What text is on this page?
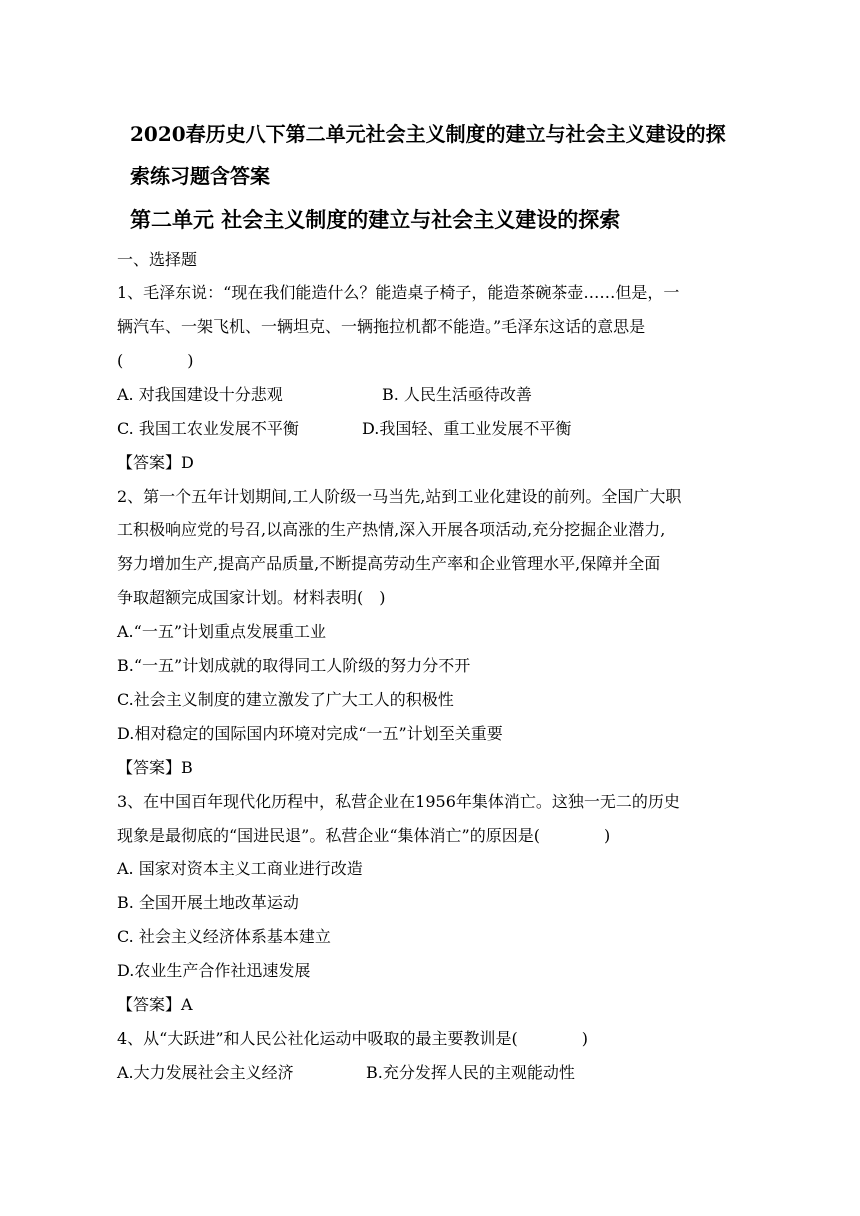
2020春历史八下第二单元社会主义制度的建立与社会主义建设的探
索练习题含答案
第二单元 社会主义制度的建立与社会主义建设的探索
一、选择题
1、毛泽东说：“现在我们能造什么？能造桌子椅子，能造茶碗茶壶……但是，一
辆汽车、一架飞机、一辆坦克、一辆拖拉机都不能造。”毛泽东这话的意思是
(　　　　)
A. 对我国建设十分悲观	B. 人民生活亟待改善
C. 我国工农业发展不平衡	D.我国轻、重工业发展不平衡
【答案】D
2、第一个五年计划期间,工人阶级一马当先,站到工业化建设的前列。全国广大职
工积极响应党的号召,以高涨的生产热情,深入开展各项活动,充分挖掘企业潜力,
努力增加生产,提高产品质量,不断提高劳动生产率和企业管理水平,保障并全面
争取超额完成国家计划。材料表明(　)
A.“一五”计划重点发展重工业
B.“一五”计划成就的取得同工人阶级的努力分不开
C.社会主义制度的建立激发了广大工人的积极性
D.相对稳定的国际国内环境对完成“一五”计划至关重要
【答案】B
3、在中国百年现代化历程中，私营企业在1956年集体消亡。这独一无二的历史
现象是最彻底的“国进民退”。私营企业“集体消亡”的原因是(　　　　)
A. 国家对资本主义工商业进行改造
B. 全国开展土地改革运动
C. 社会主义经济体系基本建立
D.农业生产合作社迅速发展
【答案】A
4、从“大跃进”和人民公社化运动中吸取的最主要教训是(　　　　)
A.大力发展社会主义经济	B.充分发挥人民的主观能动性
